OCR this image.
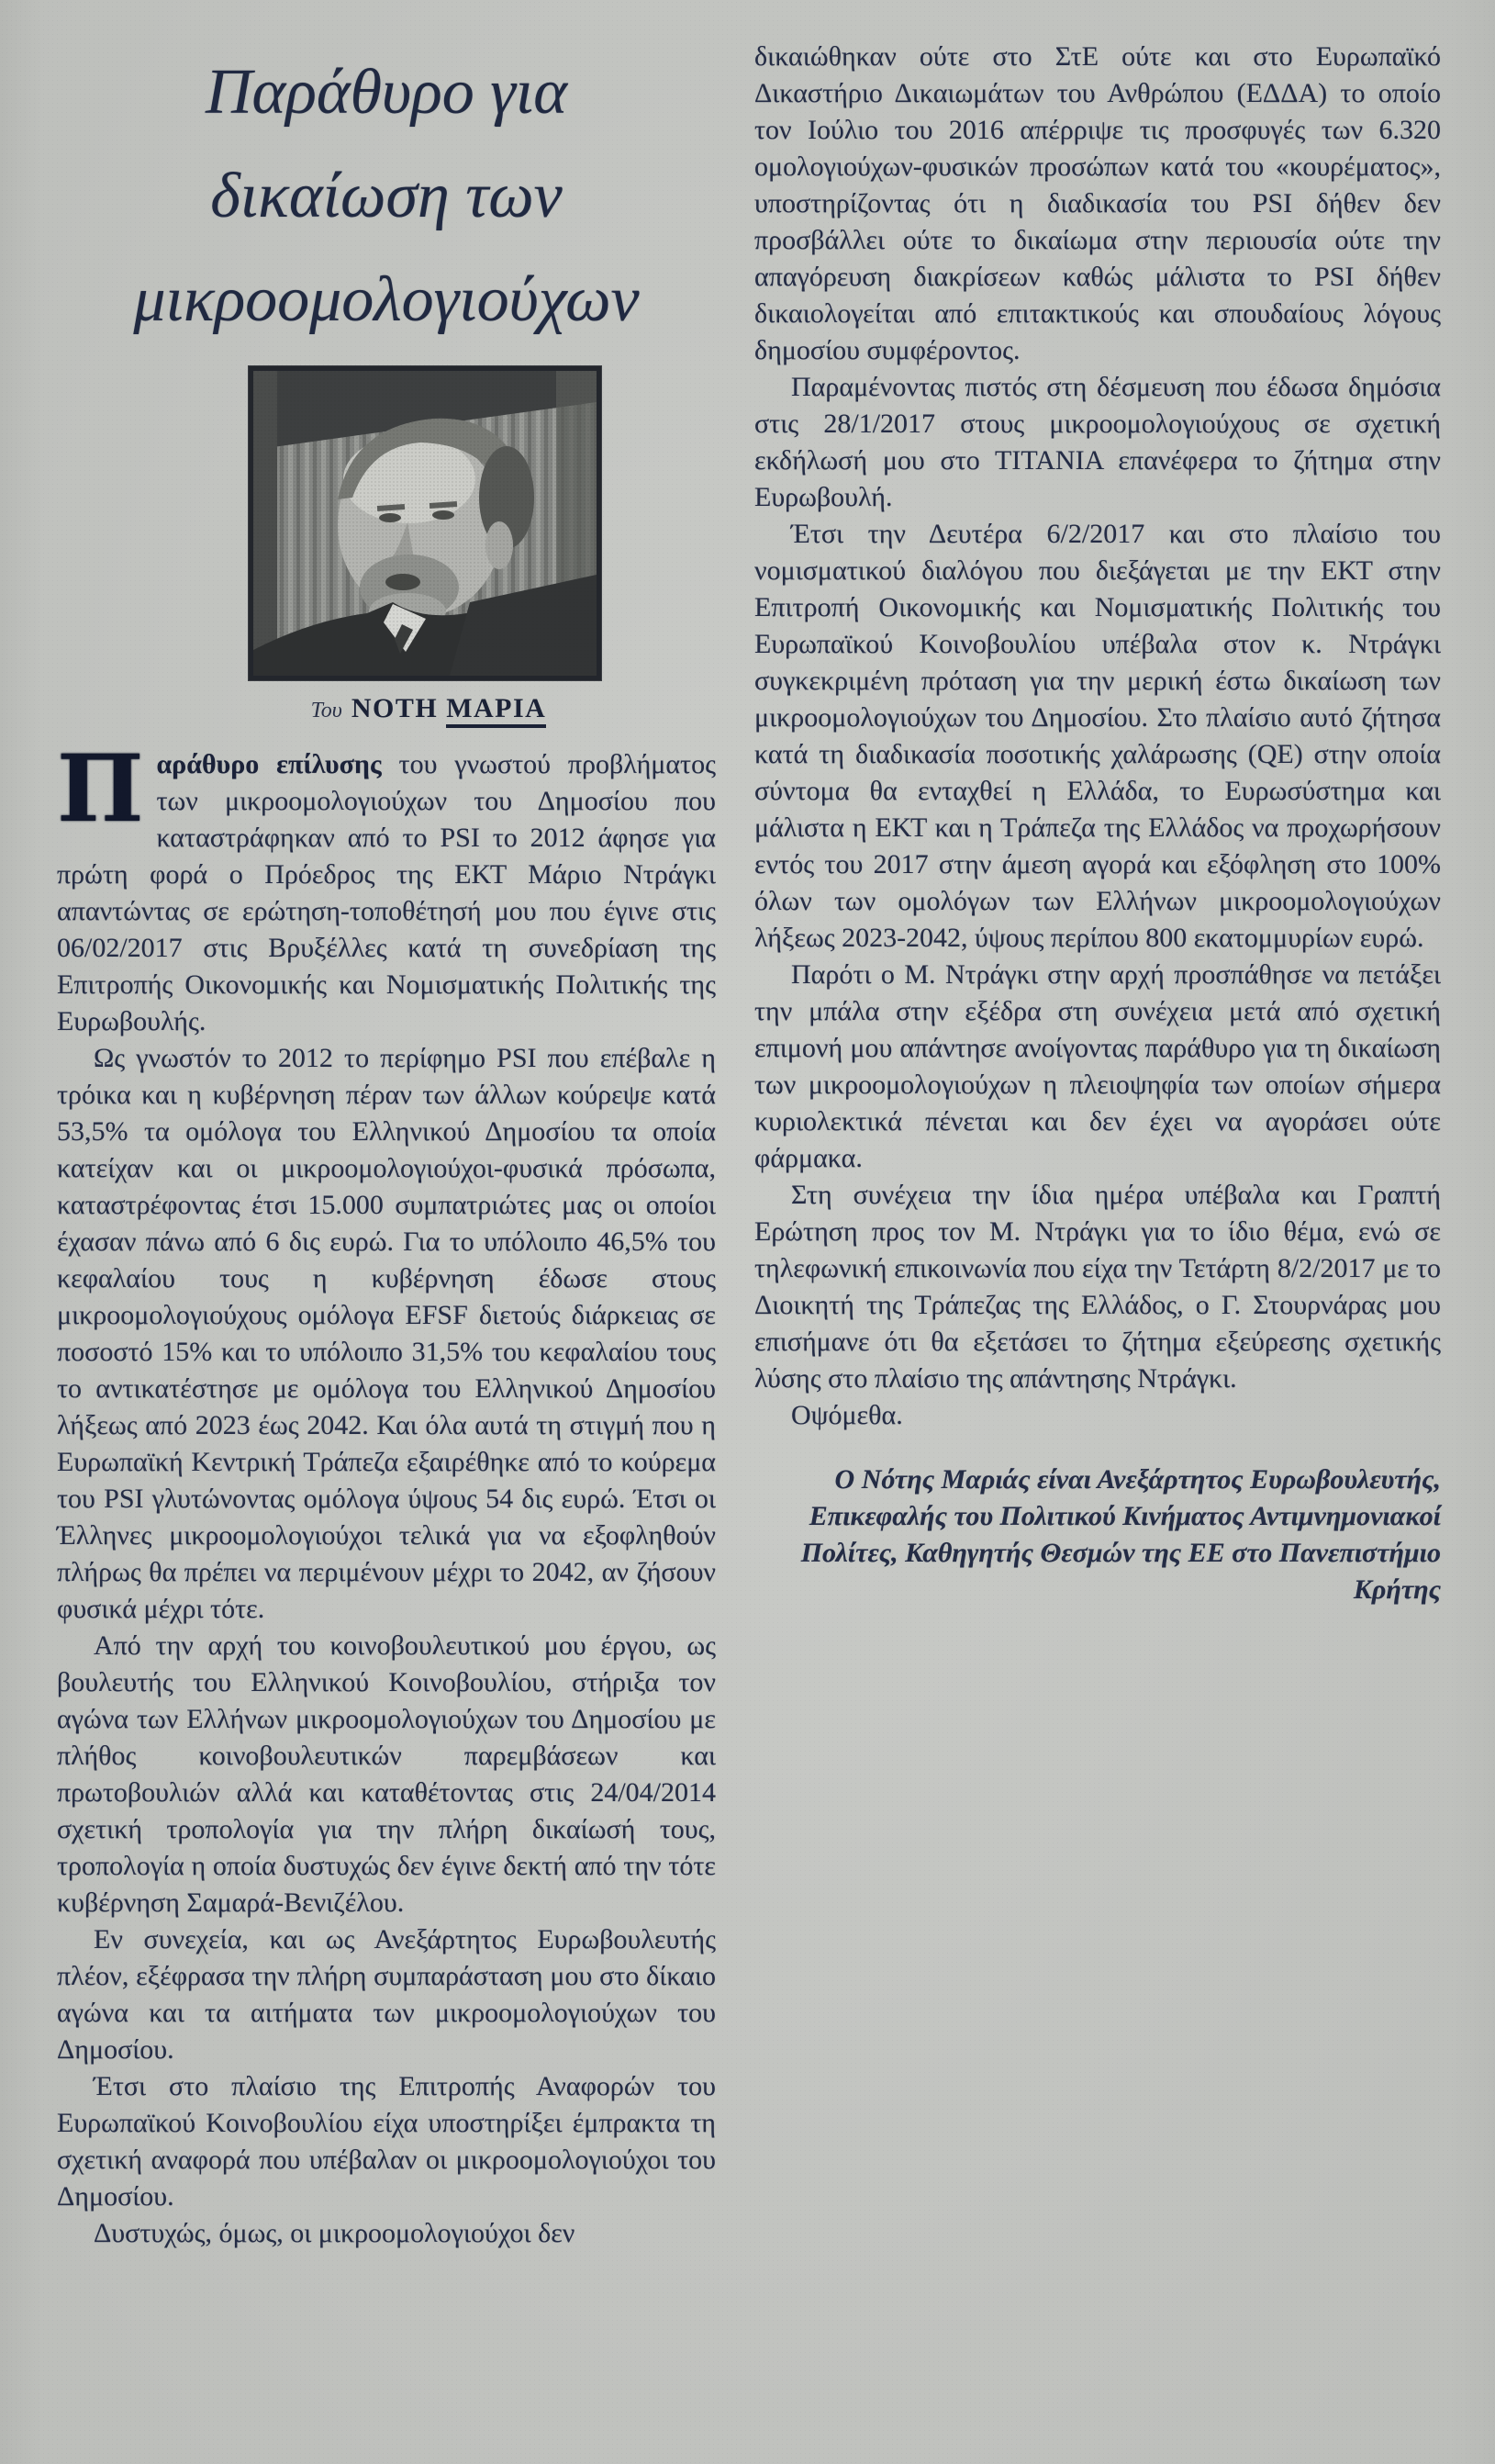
Παράθυρο για
δικαίωση των
μικροομολογιούχων
Του ΝΟΤΗ ΜΑΡΙΑ

Παράθυρο επίλυσης του γνωστού προβλήματος των μικροομολογιούχων του Δημοσίου που καταστράφηκαν από το PSI το 2012 άφησε για πρώτη φορά ο Πρόεδρος της ΕΚΤ Μάριο Ντράγκι απαντώντας σε ερώτηση-τοποθέτησή μου που έγινε στις 06/02/2017 στις Βρυξέλλες κατά τη συνεδρίαση της Επιτροπής Οικονομικής και Νομισματικής Πολιτικής της Ευρωβουλής.

Ως γνωστόν το 2012 το περίφημο PSI που επέβαλε η τρόικα και η κυβέρνηση πέραν των άλλων κούρεψε κατά 53,5% τα ομόλογα του Ελληνικού Δημοσίου τα οποία κατείχαν και οι μικροομολογιούχοι-φυσικά πρόσωπα, καταστρέφοντας έτσι 15.000 συμπατριώτες μας οι οποίοι έχασαν πάνω από 6 δις ευρώ. Για το υπόλοιπο 46,5% του κεφαλαίου τους η κυβέρνηση έδωσε στους μικροομολογιούχους ομόλογα EFSF διετούς διάρκειας σε ποσοστό 15% και το υπόλοιπο 31,5% του κεφαλαίου τους το αντικατέστησε με ομόλογα του Ελληνικού Δημοσίου λήξεως από 2023 έως 2042. Και όλα αυτά τη στιγμή που η Ευρωπαϊκή Κεντρική Τράπεζα εξαιρέθηκε από το κούρεμα του PSI γλυτώνοντας ομόλογα ύψους 54 δις ευρώ. Έτσι οι Έλληνες μικροομολογιούχοι τελικά για να εξοφληθούν πλήρως θα πρέπει να περιμένουν μέχρι το 2042, αν ζήσουν φυσικά μέχρι τότε.

Από την αρχή του κοινοβουλευτικού μου έργου, ως βουλευτής του Ελληνικού Κοινοβουλίου, στήριξα τον αγώνα των Ελλήνων μικροομολογιούχων του Δημοσίου με πλήθος κοινοβουλευτικών παρεμβάσεων και πρωτοβουλιών αλλά και καταθέτοντας στις 24/04/2014 σχετική τροπολογία για την πλήρη δικαίωσή τους, τροπολογία η οποία δυστυχώς δεν έγινε δεκτή από την τότε κυβέρνηση Σαμαρά-Βενιζέλου.

Εν συνεχεία, και ως Ανεξάρτητος Ευρωβουλευτής πλέον, εξέφρασα την πλήρη συμπαράσταση μου στο δίκαιο αγώνα και τα αιτήματα των μικροομολογιούχων του Δημοσίου.

Έτσι στο πλαίσιο της Επιτροπής Αναφορών του Ευρωπαϊκού Κοινοβουλίου είχα υποστηρίξει έμπρακτα τη σχετική αναφορά που υπέβαλαν οι μικροομολογιούχοι του Δημοσίου.

Δυστυχώς, όμως, οι μικροομολογιούχοι δεν

δικαιώθηκαν ούτε στο ΣτΕ ούτε και στο Ευρωπαϊκό Δικαστήριο Δικαιωμάτων του Ανθρώπου (ΕΔΔΑ) το οποίο τον Ιούλιο του 2016 απέρριψε τις προσφυγές των 6.320 ομολογιούχων-φυσικών προσώπων κατά του «κουρέματος», υποστηρίζοντας ότι η διαδικασία του PSI δήθεν δεν προσβάλλει ούτε το δικαίωμα στην περιουσία ούτε την απαγόρευση διακρίσεων καθώς μάλιστα το PSI δήθεν δικαιολογείται από επιτακτικούς και σπουδαίους λόγους δημοσίου συμφέροντος.

Παραμένοντας πιστός στη δέσμευση που έδωσα δημόσια στις 28/1/2017 στους μικροομολογιούχους σε σχετική εκδήλωσή μου στο ΤΙΤΑΝΙΑ επανέφερα το ζήτημα στην Ευρωβουλή.

Έτσι την Δευτέρα 6/2/2017 και στο πλαίσιο του νομισματικού διαλόγου που διεξάγεται με την ΕΚΤ στην Επιτροπή Οικονομικής και Νομισματικής Πολιτικής του Ευρωπαϊκού Κοινοβουλίου υπέβαλα στον κ. Ντράγκι συγκεκριμένη πρόταση για την μερική έστω δικαίωση των μικροομολογιούχων του Δημοσίου. Στο πλαίσιο αυτό ζήτησα κατά τη διαδικασία ποσοτικής χαλάρωσης (QE) στην οποία σύντομα θα ενταχθεί η Ελλάδα, το Ευρωσύστημα και μάλιστα η ΕΚΤ και η Τράπεζα της Ελλάδος να προχωρήσουν εντός του 2017 στην άμεση αγορά και εξόφληση στο 100% όλων των ομολόγων των Ελλήνων μικροομολογιούχων λήξεως 2023-2042, ύψους περίπου 800 εκατομμυρίων ευρώ.

Παρότι ο Μ. Ντράγκι στην αρχή προσπάθησε να πετάξει την μπάλα στην εξέδρα στη συνέχεια μετά από σχετική επιμονή μου απάντησε ανοίγοντας παράθυρο για τη δικαίωση των μικροομολογιούχων η πλειοψηφία των οποίων σήμερα κυριολεκτικά πένεται και δεν έχει να αγοράσει ούτε φάρμακα.

Στη συνέχεια την ίδια ημέρα υπέβαλα και Γραπτή Ερώτηση προς τον Μ. Ντράγκι για το ίδιο θέμα, ενώ σε τηλεφωνική επικοινωνία που είχα την Τετάρτη 8/2/2017 με το Διοικητή της Τράπεζας της Ελλάδος, ο Γ. Στουρνάρας μου επισήμανε ότι θα εξετάσει το ζήτημα εξεύρεσης σχετικής λύσης στο πλαίσιο της απάντησης Ντράγκι.

Οψόμεθα.

Ο Νότης Μαριάς είναι Ανεξάρτητος Ευρωβουλευτής, Επικεφαλής του Πολιτικού Κινήματος Αντιμνημονιακοί Πολίτες, Καθηγητής Θεσμών της ΕΕ στο Πανεπιστήμιο Κρήτης
